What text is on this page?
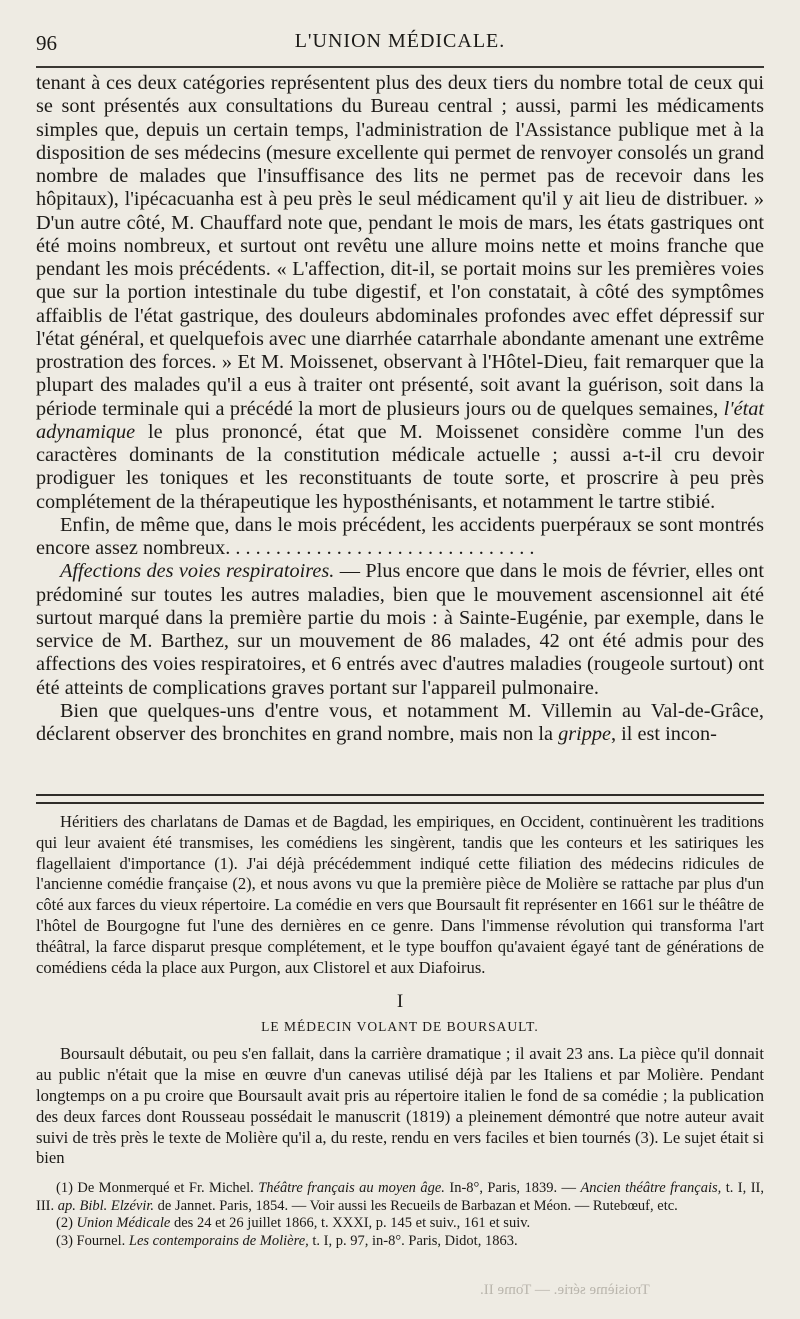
96	L'UNION MÉDICALE.

tenant à ces deux catégories représentent plus des deux tiers du nombre total de ceux qui se sont présentés aux consultations du Bureau central ; aussi, parmi les médicaments simples que, depuis un certain temps, l'administration de l'Assistance publique met à la disposition de ses médecins (mesure excellente qui permet de renvoyer consolés un grand nombre de malades que l'insuffisance des lits ne permet pas de recevoir dans les hôpitaux), l'ipécacuanha est à peu près le seul médicament qu'il y ait lieu de distribuer. » D'un autre côté, M. Chauffard note que, pendant le mois de mars, les états gastriques ont été moins nombreux, et surtout ont revêtu une allure moins nette et moins franche que pendant les mois précédents. « L'affection, dit-il, se portait moins sur les premières voies que sur la portion intestinale du tube digestif, et l'on constatait, à côté des symptômes affaiblis de l'état gastrique, des douleurs abdominales profondes avec effet dépressif sur l'état général, et quelquefois avec une diarrhée catarrhale abondante amenant une extrême prostration des forces. » Et M. Moissenet, observant à l'Hôtel-Dieu, fait remarquer que la plupart des malades qu'il a eus à traiter ont présenté, soit avant la guérison, soit dans la période terminale qui a précédé la mort de plusieurs jours ou de quelques semaines, l'état adynamique le plus prononcé, état que M. Moissenet considère comme l'un des caractères dominants de la constitution médicale actuelle ; aussi a-t-il cru devoir prodiguer les toniques et les reconstituants de toute sorte, et proscrire à peu près complétement de la thérapeutique les hyposthénisants, et notamment le tartre stibié.

Enfin, de même que, dans le mois précédent, les accidents puerpéraux se sont montrés encore assez nombreux. . . . . . . . . . . . . . . . . . . . . . . . . . . . . . .

Affections des voies respiratoires. — Plus encore que dans le mois de février, elles ont prédominé sur toutes les autres maladies, bien que le mouvement ascensionnel ait été surtout marqué dans la première partie du mois : à Sainte-Eugénie, par exemple, dans le service de M. Barthez, sur un mouvement de 86 malades, 42 ont été admis pour des affections des voies respiratoires, et 6 entrés avec d'autres maladies (rougeole surtout) ont été atteints de complications graves portant sur l'appareil pulmonaire.

Bien que quelques-uns d'entre vous, et notamment M. Villemin au Val-de-Grâce, déclarent observer des bronchites en grand nombre, mais non la grippe, il est incon-

Héritiers des charlatans de Damas et de Bagdad, les empiriques, en Occident, continuèrent les traditions qui leur avaient été transmises, les comédiens les singèrent, tandis que les conteurs et les satiriques les flagellaient d'importance (1). J'ai déjà précédemment indiqué cette filiation des médecins ridicules de l'ancienne comédie française (2), et nous avons vu que la première pièce de Molière se rattache par plus d'un côté aux farces du vieux répertoire. La comédie en vers que Boursault fit représenter en 1661 sur le théâtre de l'hôtel de Bourgogne fut l'une des dernières en ce genre. Dans l'immense révolution qui transforma l'art théâtral, la farce disparut presque complétement, et le type bouffon qu'avaient égayé tant de générations de comédiens céda la place aux Purgon, aux Clistorel et aux Diafoirus.

I
LE MÉDECIN VOLANT DE BOURSAULT.

Boursault débutait, ou peu s'en fallait, dans la carrière dramatique ; il avait 23 ans. La pièce qu'il donnait au public n'était que la mise en œuvre d'un canevas utilisé déjà par les Italiens et par Molière. Pendant longtemps on a pu croire que Boursault avait pris au répertoire italien le fond de sa comédie ; la publication des deux farces dont Rousseau possédait le manuscrit (1819) a pleinement démontré que notre auteur avait suivi de très près le texte de Molière qu'il a, du reste, rendu en vers faciles et bien tournés (3). Le sujet était si bien

(1) De Monmerqué et Fr. Michel. Théâtre français au moyen âge. In-8°, Paris, 1839. — Ancien théâtre français, t. I, II, III. ap. Bibl. Elzévir. de Jannet. Paris, 1854. — Voir aussi les Recueils de Barbazan et Méon. — Rutebœuf, etc.

(2) Union Médicale des 24 et 26 juillet 1866, t. XXXI, p. 145 et suiv., 161 et suiv.

(3) Fournel. Les contemporains de Molière, t. I, p. 97, in-8°. Paris, Didot, 1863.

Troisième série. — Tome II.
